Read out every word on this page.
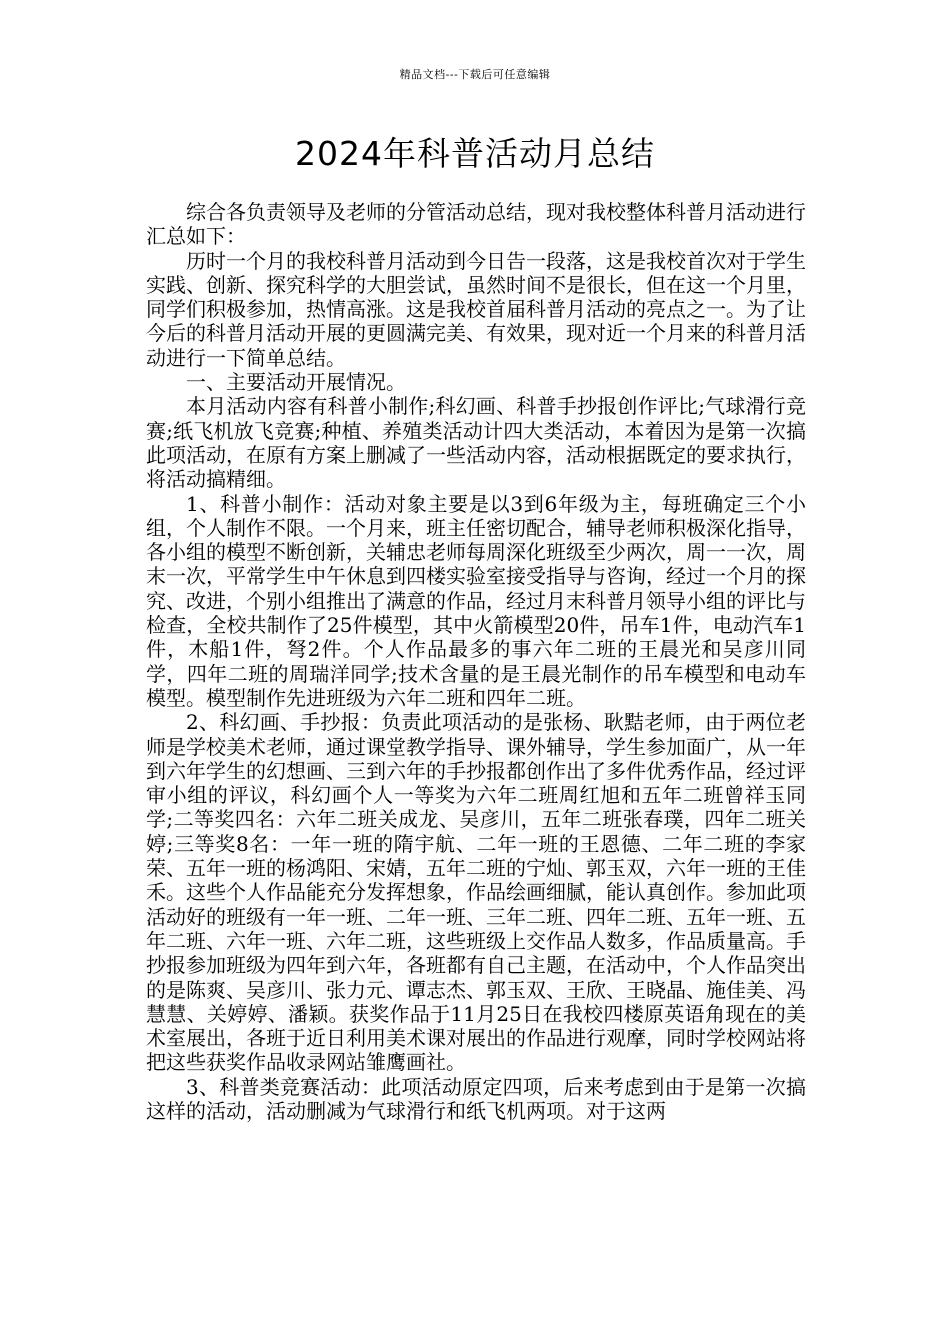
精品文档---下载后可任意编辑
2024年科普活动月总结

综合各负责领导及老师的分管活动总结，现对我校整体科普月活动进行汇总如下：

历时一个月的我校科普月活动到今日告一段落，这是我校首次对于学生实践、创新、探究科学的大胆尝试，虽然时间不是很长，但在这一个月里，同学们积极参加，热情高涨。这是我校首届科普月活动的亮点之一。为了让今后的科普月活动开展的更圆满完美、有效果，现对近一个月来的科普月活动进行一下简单总结。

一、主要活动开展情况。

本月活动内容有科普小制作;科幻画、科普手抄报创作评比;气球滑行竞赛;纸飞机放飞竞赛;种植、养殖类活动计四大类活动，本着因为是第一次搞此项活动，在原有方案上删减了一些活动内容，活动根据既定的要求执行，将活动搞精细。

1、科普小制作：活动对象主要是以3到6年级为主，每班确定三个小组，个人制作不限。一个月来，班主任密切配合，辅导老师积极深化指导，各小组的模型不断创新，关辅忠老师每周深化班级至少两次，周一一次，周末一次，平常学生中午休息到四楼实验室接受指导与咨询，经过一个月的探究、改进，个别小组推出了满意的作品，经过月末科普月领导小组的评比与检查，全校共制作了25件模型，其中火箭模型20件，吊车1件，电动汽车1件，木船1件，弩2件。个人作品最多的事六年二班的王晨光和吴彦川同学，四年二班的周瑞洋同学;技术含量的是王晨光制作的吊车模型和电动车模型。模型制作先进班级为六年二班和四年二班。

2、科幻画、手抄报：负责此项活动的是张杨、耿黠老师，由于两位老师是学校美术老师，通过课堂教学指导、课外辅导，学生参加面广，从一年到六年学生的幻想画、三到六年的手抄报都创作出了多件优秀作品，经过评审小组的评议，科幻画个人一等奖为六年二班周红旭和五年二班曾祥玉同学;二等奖四名：六年二班关成龙、吴彦川，五年二班张春璞，四年二班关婷;三等奖8名：一年一班的隋宇航、二年一班的王恩德、二年二班的李家荣、五年一班的杨鸿阳、宋婧，五年二班的宁灿、郭玉双，六年一班的王佳禾。这些个人作品能充分发挥想象，作品绘画细腻，能认真创作。参加此项活动好的班级有一年一班、二年一班、三年二班、四年二班、五年一班、五年二班、六年一班、六年二班，这些班级上交作品人数多，作品质量高。手抄报参加班级为四年到六年，各班都有自己主题，在活动中，个人作品突出的是陈爽、吴彦川、张力元、谭志杰、郭玉双、王欣、王晓晶、施佳美、冯慧慧、关婷婷、潘颖。获奖作品于11月25日在我校四楼原英语角现在的美术室展出，各班于近日利用美术课对展出的作品进行观摩，同时学校网站将把这些获奖作品收录网站雏鹰画社。

3、科普类竞赛活动：此项活动原定四项，后来考虑到由于是第一次搞这样的活动，活动删减为气球滑行和纸飞机两项。对于这两
